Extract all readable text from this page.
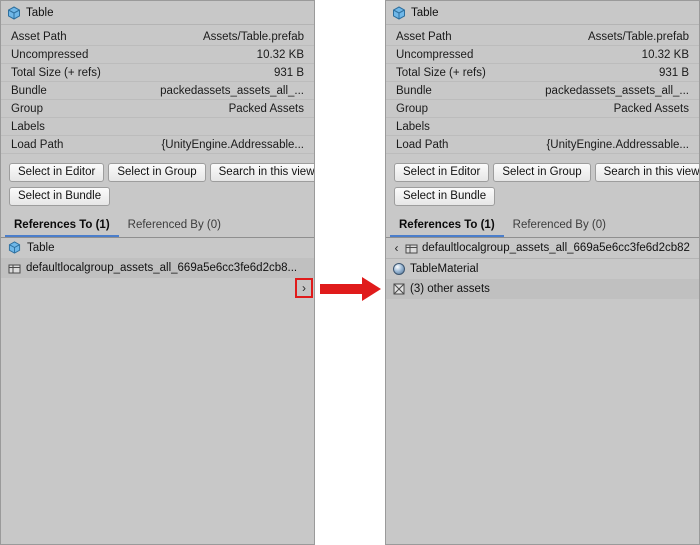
Table
Asset Path	Assets/Table.prefab
Uncompressed	10.32 KB
Total Size (+ refs)	931 B
Bundle	packedassets_assets_all_...
Group	Packed Assets
Labels
Load Path	{UnityEngine.Addressable...
Select in Editor	Select in Group	Search in this view
Select in Bundle
References To (1)	Referenced By (0)
Table
defaultlocalgroup_assets_all_669a5e6cc3fe6d2cb8...
›
Table
Asset Path	Assets/Table.prefab
Uncompressed	10.32 KB
Total Size (+ refs)	931 B
Bundle	packedassets_assets_all_...
Group	Packed Assets
Labels
Load Path	{UnityEngine.Addressable...
Select in Editor	Select in Group	Search in this view
Select in Bundle
References To (1)	Referenced By (0)
‹	defaultlocalgroup_assets_all_669a5e6cc3fe6d2cb82
TableMaterial
(3) other assets
